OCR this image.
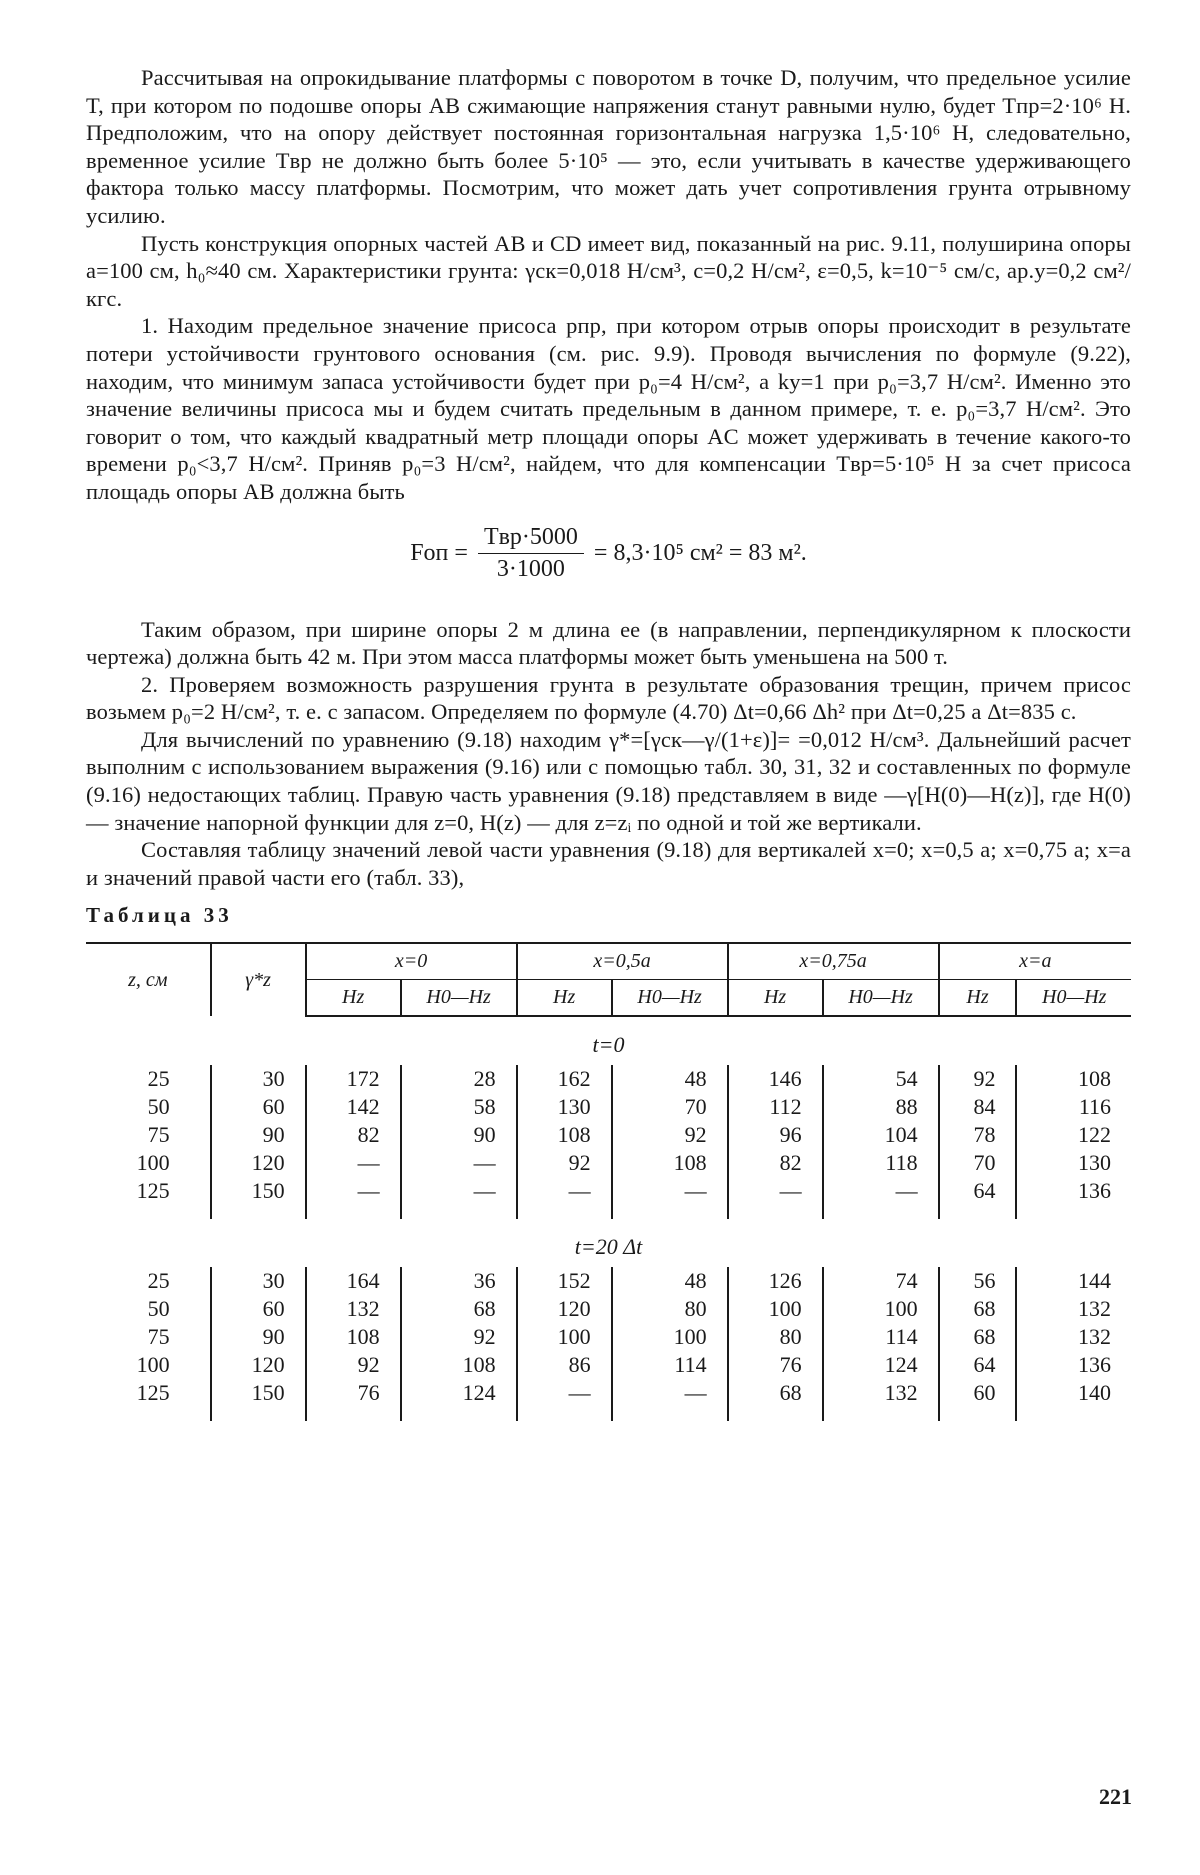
Рассчитывая на опрокидывание платформы с поворотом в точке D, получим, что предельное усилие T, при котором по подошве опоры AB сжимающие напряжения станут равными нулю, будет Tпр=2·10⁶ Н. Предположим, что на опору действует постоянная горизонтальная нагрузка 1,5·10⁶ Н, следовательно, временное усилие Tвр не должно быть более 5·10⁵ — это, если учитывать в качестве удерживающего фактора только массу платформы. Посмотрим, что может дать учет сопротивления грунта отрывному усилию.

Пусть конструкция опорных частей AB и CD имеет вид, показанный на рис. 9.11, полуширина опоры a=100 см, h₀≈40 см. Характеристики грунта: γск=0,018 Н/см³, c=0,2 Н/см², ε=0,5, k=10⁻⁵ см/с, aр.у=0,2 см²/кгс.

1. Находим предельное значение присоса pпр, при котором отрыв опоры происходит в результате потери устойчивости грунтового основания (см. рис. 9.9). Проводя вычисления по формуле (9.22), находим, что минимум запаса устойчивости будет при p₀=4 Н/см², а kу=1 при p₀=3,7 Н/см². Именно это значение величины присоса мы и будем считать предельным в данном примере, т. е. p₀=3,7 Н/см². Это говорит о том, что каждый квадратный метр площади опоры AC может удерживать в течение какого-то времени p₀<3,7 Н/см². Приняв p₀=3 Н/см², найдем, что для компенсации Tвр=5·10⁵ Н за счет присоса площадь опоры AB должна быть

Fоп = $\frac{\text{Tвр·5000}}{3\cdot 1000} = 8,3\cdot 10^5$ см² = 83 м².

Таким образом, при ширине опоры 2 м длина ее (в направлении, перпендикулярном к плоскости чертежа) должна быть 42 м. При этом масса платформы может быть уменьшена на 500 т.

2. Проверяем возможность разрушения грунта в результате образования трещин, причем присос возьмем p₀=2 Н/см², т. е. с запасом. Определяем по формуле (4.70) Δt=0,66 Δh² при Δt=0,25 a Δt=835 с.

Для вычислений по уравнению (9.18) находим γ*=[γск—γ/(1+ε)]= =0,012 Н/см³. Дальнейший расчет выполним с использованием выражения (9.16) или с помощью табл. 30, 31, 32 и составленных по формуле (9.16) недостающих таблиц. Правую часть уравнения (9.18) представляем в виде —γ[H(0)—H(z)], где H(0) — значение напорной функции для z=0, H(z) — для z=zᵢ по одной и той же вертикали.

Составляя таблицу значений левой части уравнения (9.18) для вертикалей x=0; x=0,5 a; x=0,75 a; x=a и значений правой части его (табл. 33),

Таблица 33
z, см	γ*z	x=0		x=0,5a		x=0,75a		x=a	
		Hz	H0—Hz	Hz	H0—Hz	Hz	H0—Hz	Hz	H0—Hz
t=0									
25	30	172	28	162	48	146	54	92	108
50	60	142	58	130	70	112	88	84	116
75	90	82	90	108	92	96	104	78	122
100	120	—	—	92	108	82	118	70	130
125	150	—	—	—	—	—	—	64	136

t=20 Δt									
25	30	164	36	152	48	126	74	56	144
50	60	132	68	120	80	100	100	68	132
75	90	108	92	100	100	80	114	68	132
100	120	92	108	86	114	76	124	64	136
125	150	76	124	—	—	68	132	60	140

221
